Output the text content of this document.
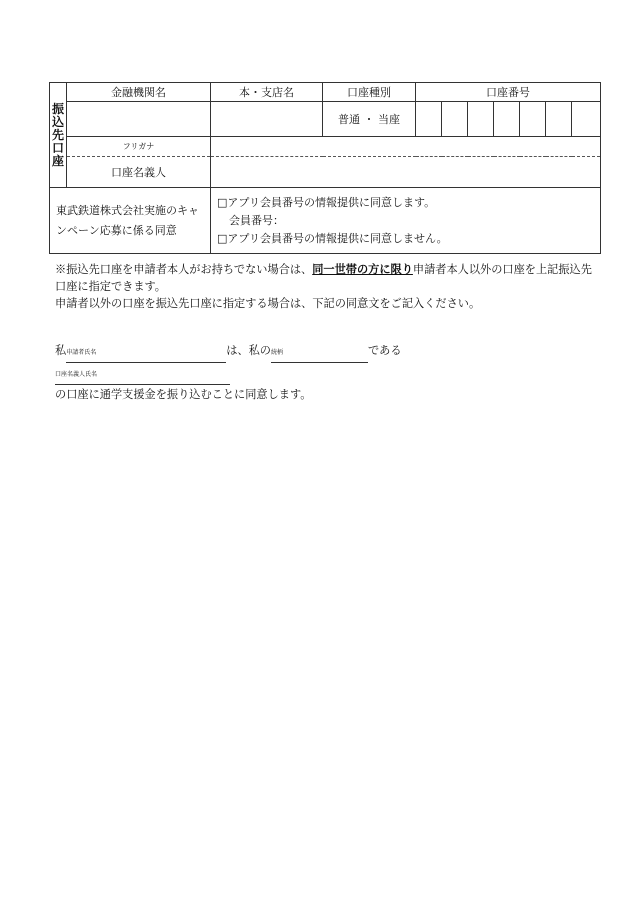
振
込
先
口
座	金融機関名	本・支店名	口座種別	口座番号						
			普通 ・ 当座							
	フリガナ									
	口座名義人									
東武鉄道株式会社実施のキャンペーン応募に係る同意		□アプリ会員番号の情報提供に同意します。
会員番号：
□アプリ会員番号の情報提供に同意しません。								

※振込先口座を申請者本人がお持ちでない場合は、同一世帯の方に限り申請者本人以外の口座を上記振込先口座に指定できます。

申請者以外の口座を振込先口座に指定する場合は、下記の同意文をご記入ください。

私申請者氏名	は、私の続柄	である口座名義人氏名
の口座に通学支援金を振り込むことに同意します。
